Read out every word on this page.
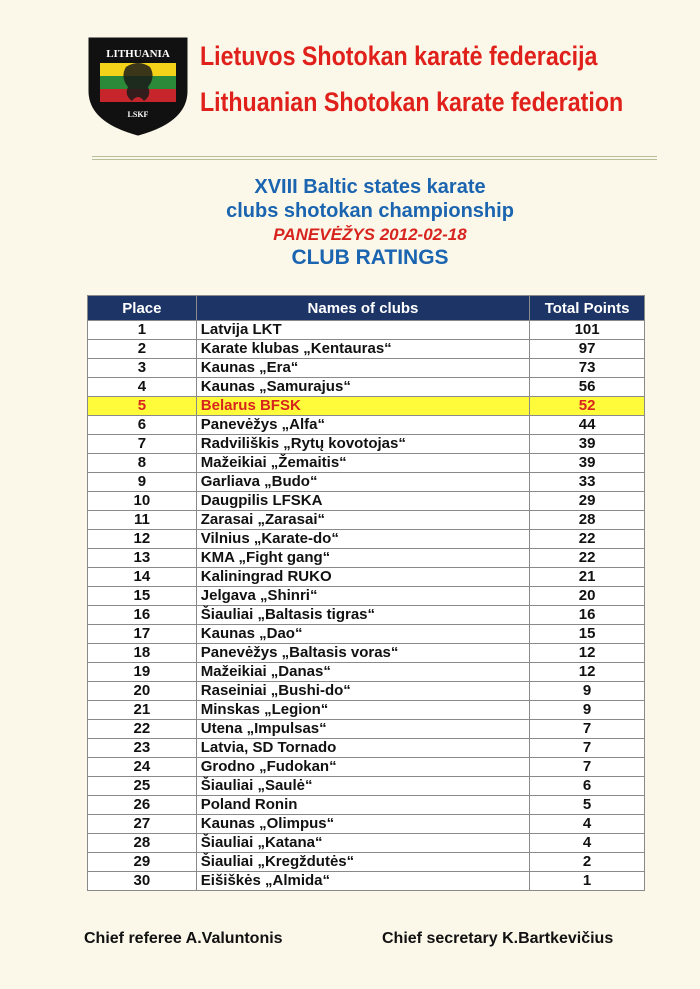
LITHUANIA
LSKF
Lietuvos Shotokan karatė federacija
Lithuanian Shotokan karate federation
XVIII Baltic states karate
clubs shotokan championship
PANEVĖŽYS 2012-02-18
CLUB RATINGS
Place	Names of clubs	Total Points
1	Latvija LKT	101
2	Karate klubas „Kentauras“	97
3	Kaunas „Era“	73
4	Kaunas „Samurajus“	56
5	Belarus BFSK	52
6	Panevėžys „Alfa“	44
7	Radviliškis „Rytų kovotojas“	39
8	Mažeikiai „Žemaitis“	39
9	Garliava „Budo“	33
10	Daugpilis LFSKA	29
11	Zarasai „Zarasai“	28
12	Vilnius „Karate-do“	22
13	KMA „Fight gang“	22
14	Kaliningrad RUKO	21
15	Jelgava „Shinri“	20
16	Šiauliai „Baltasis tigras“	16
17	Kaunas „Dao“	15
18	Panevėžys „Baltasis voras“	12
19	Mažeikiai „Danas“	12
20	Raseiniai „Bushi-do“	9
21	Minskas „Legion“	9
22	Utena „Impulsas“	7
23	Latvia, SD Tornado	7
24	Grodno „Fudokan“	7
25	Šiauliai „Saulė“	6
26	Poland Ronin	5
27	Kaunas „Olimpus“	4
28	Šiauliai „Katana“	4
29	Šiauliai „Kregždutės“	2
30	Eišiškės „Almida“	1
Chief referee A.Valuntonis	Chief secretary K.Bartkevičius
